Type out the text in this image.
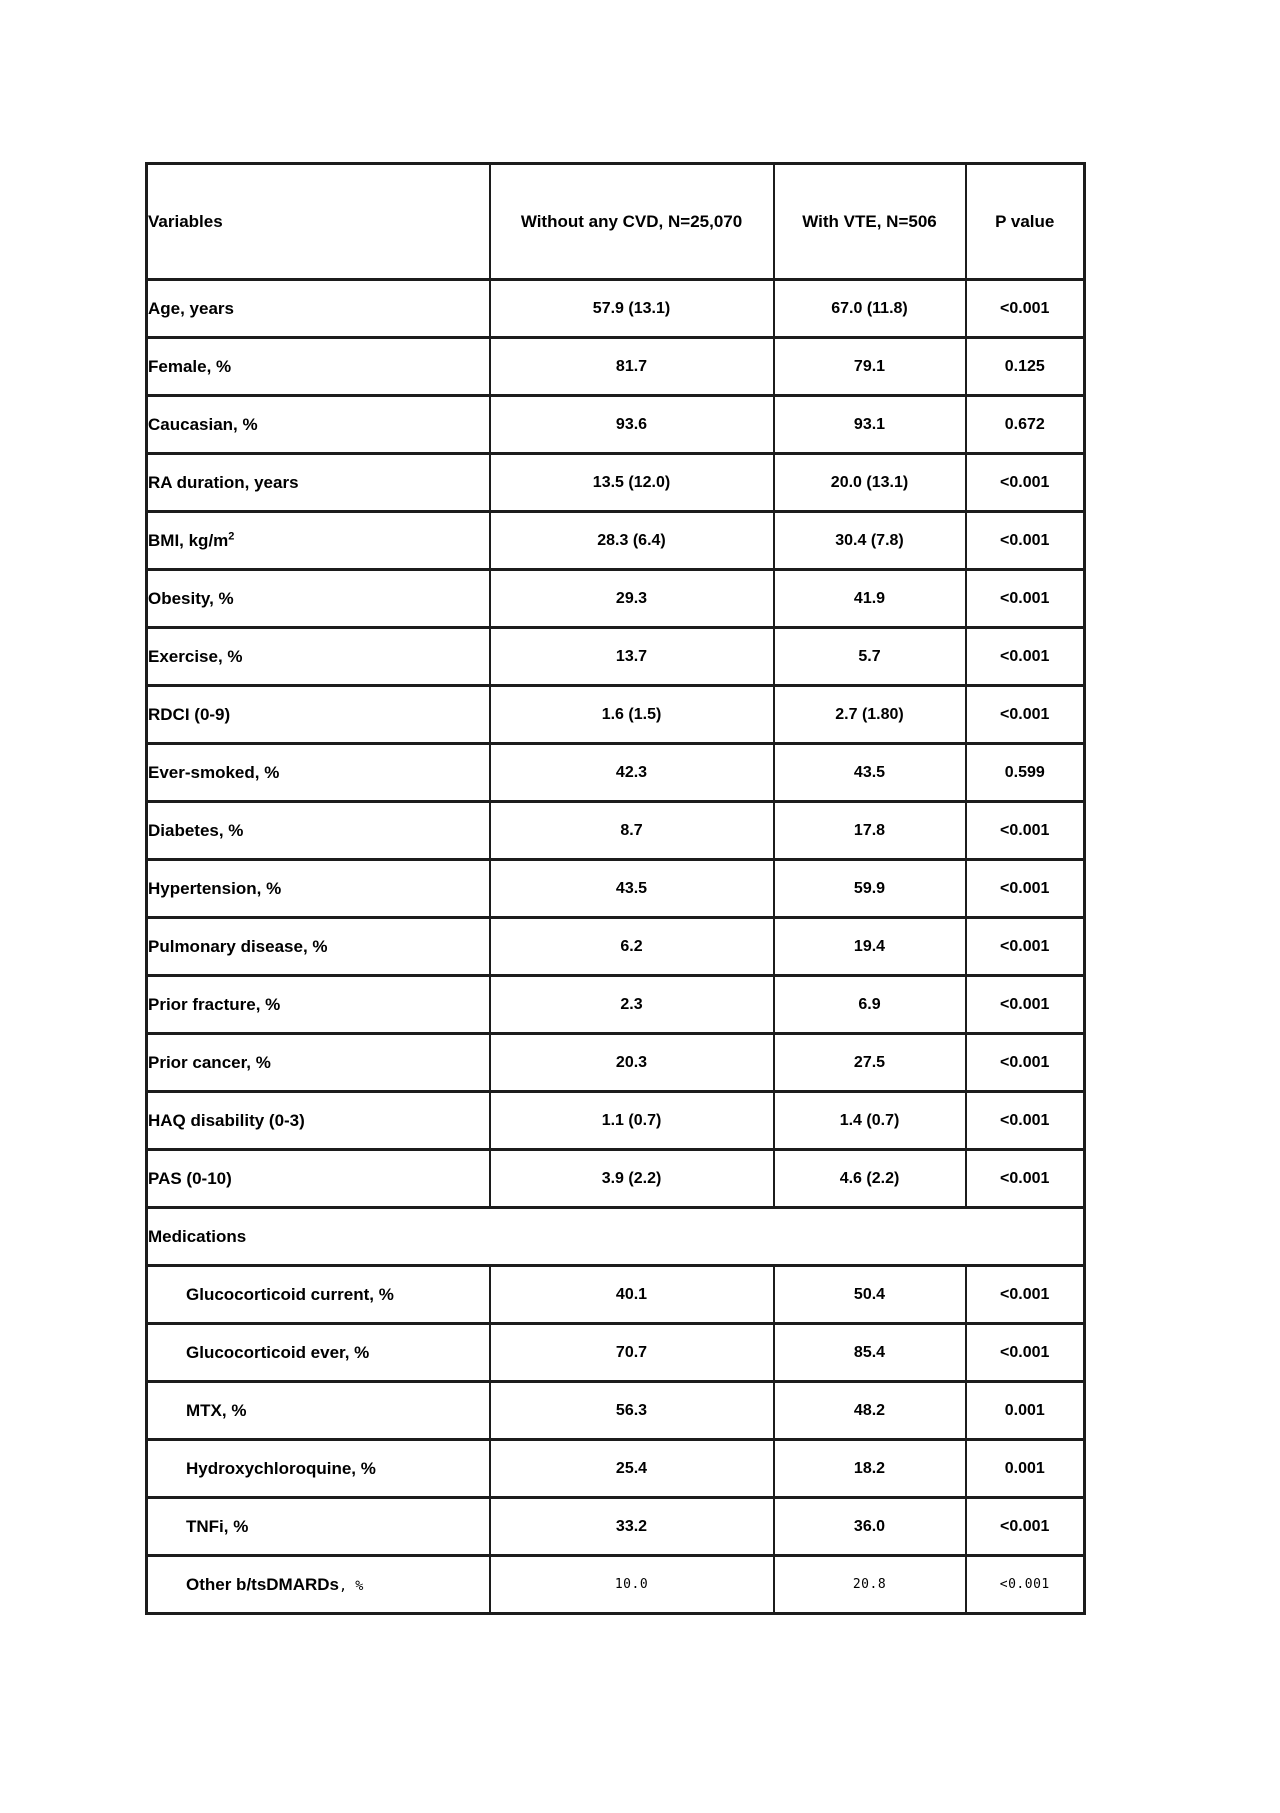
Variables	Without any CVD, N=25,070	With VTE, N=506	P value
Age, years	57.9 (13.1)	67.0 (11.8)	<0.001
Female, %	81.7	79.1	0.125
Caucasian, %	93.6	93.1	0.672
RA duration, years	13.5 (12.0)	20.0 (13.1)	<0.001
BMI, $kg/m^2$	28.3 (6.4)	30.4 (7.8)	<0.001
Obesity, %	29.3	41.9	<0.001
Exercise, %	13.7	5.7	<0.001
RDCI (0-9)	1.6 (1.5)	2.7 (1.80)	<0.001
Ever-smoked, %	42.3	43.5	0.599
Diabetes, %	8.7	17.8	<0.001
Hypertension, %	43.5	59.9	<0.001
Pulmonary disease, %	6.2	19.4	<0.001
Prior fracture, %	2.3	6.9	<0.001
Prior cancer, %	20.3	27.5	<0.001
HAQ disability (0-3)	1.1 (0.7)	1.4 (0.7)	<0.001
PAS (0-10)	3.9 (2.2)	4.6 (2.2)	<0.001
Medications			
Glucocorticoid current, %	40.1	50.4	<0.001
Glucocorticoid ever, %	70.7	85.4	<0.001
MTX, %	56.3	48.2	0.001
Hydroxychloroquine, %	25.4	18.2	0.001
TNFi, %	33.2	36.0	<0.001
Other b/tsDMARDs, %	10.0	20.8	<0.001
